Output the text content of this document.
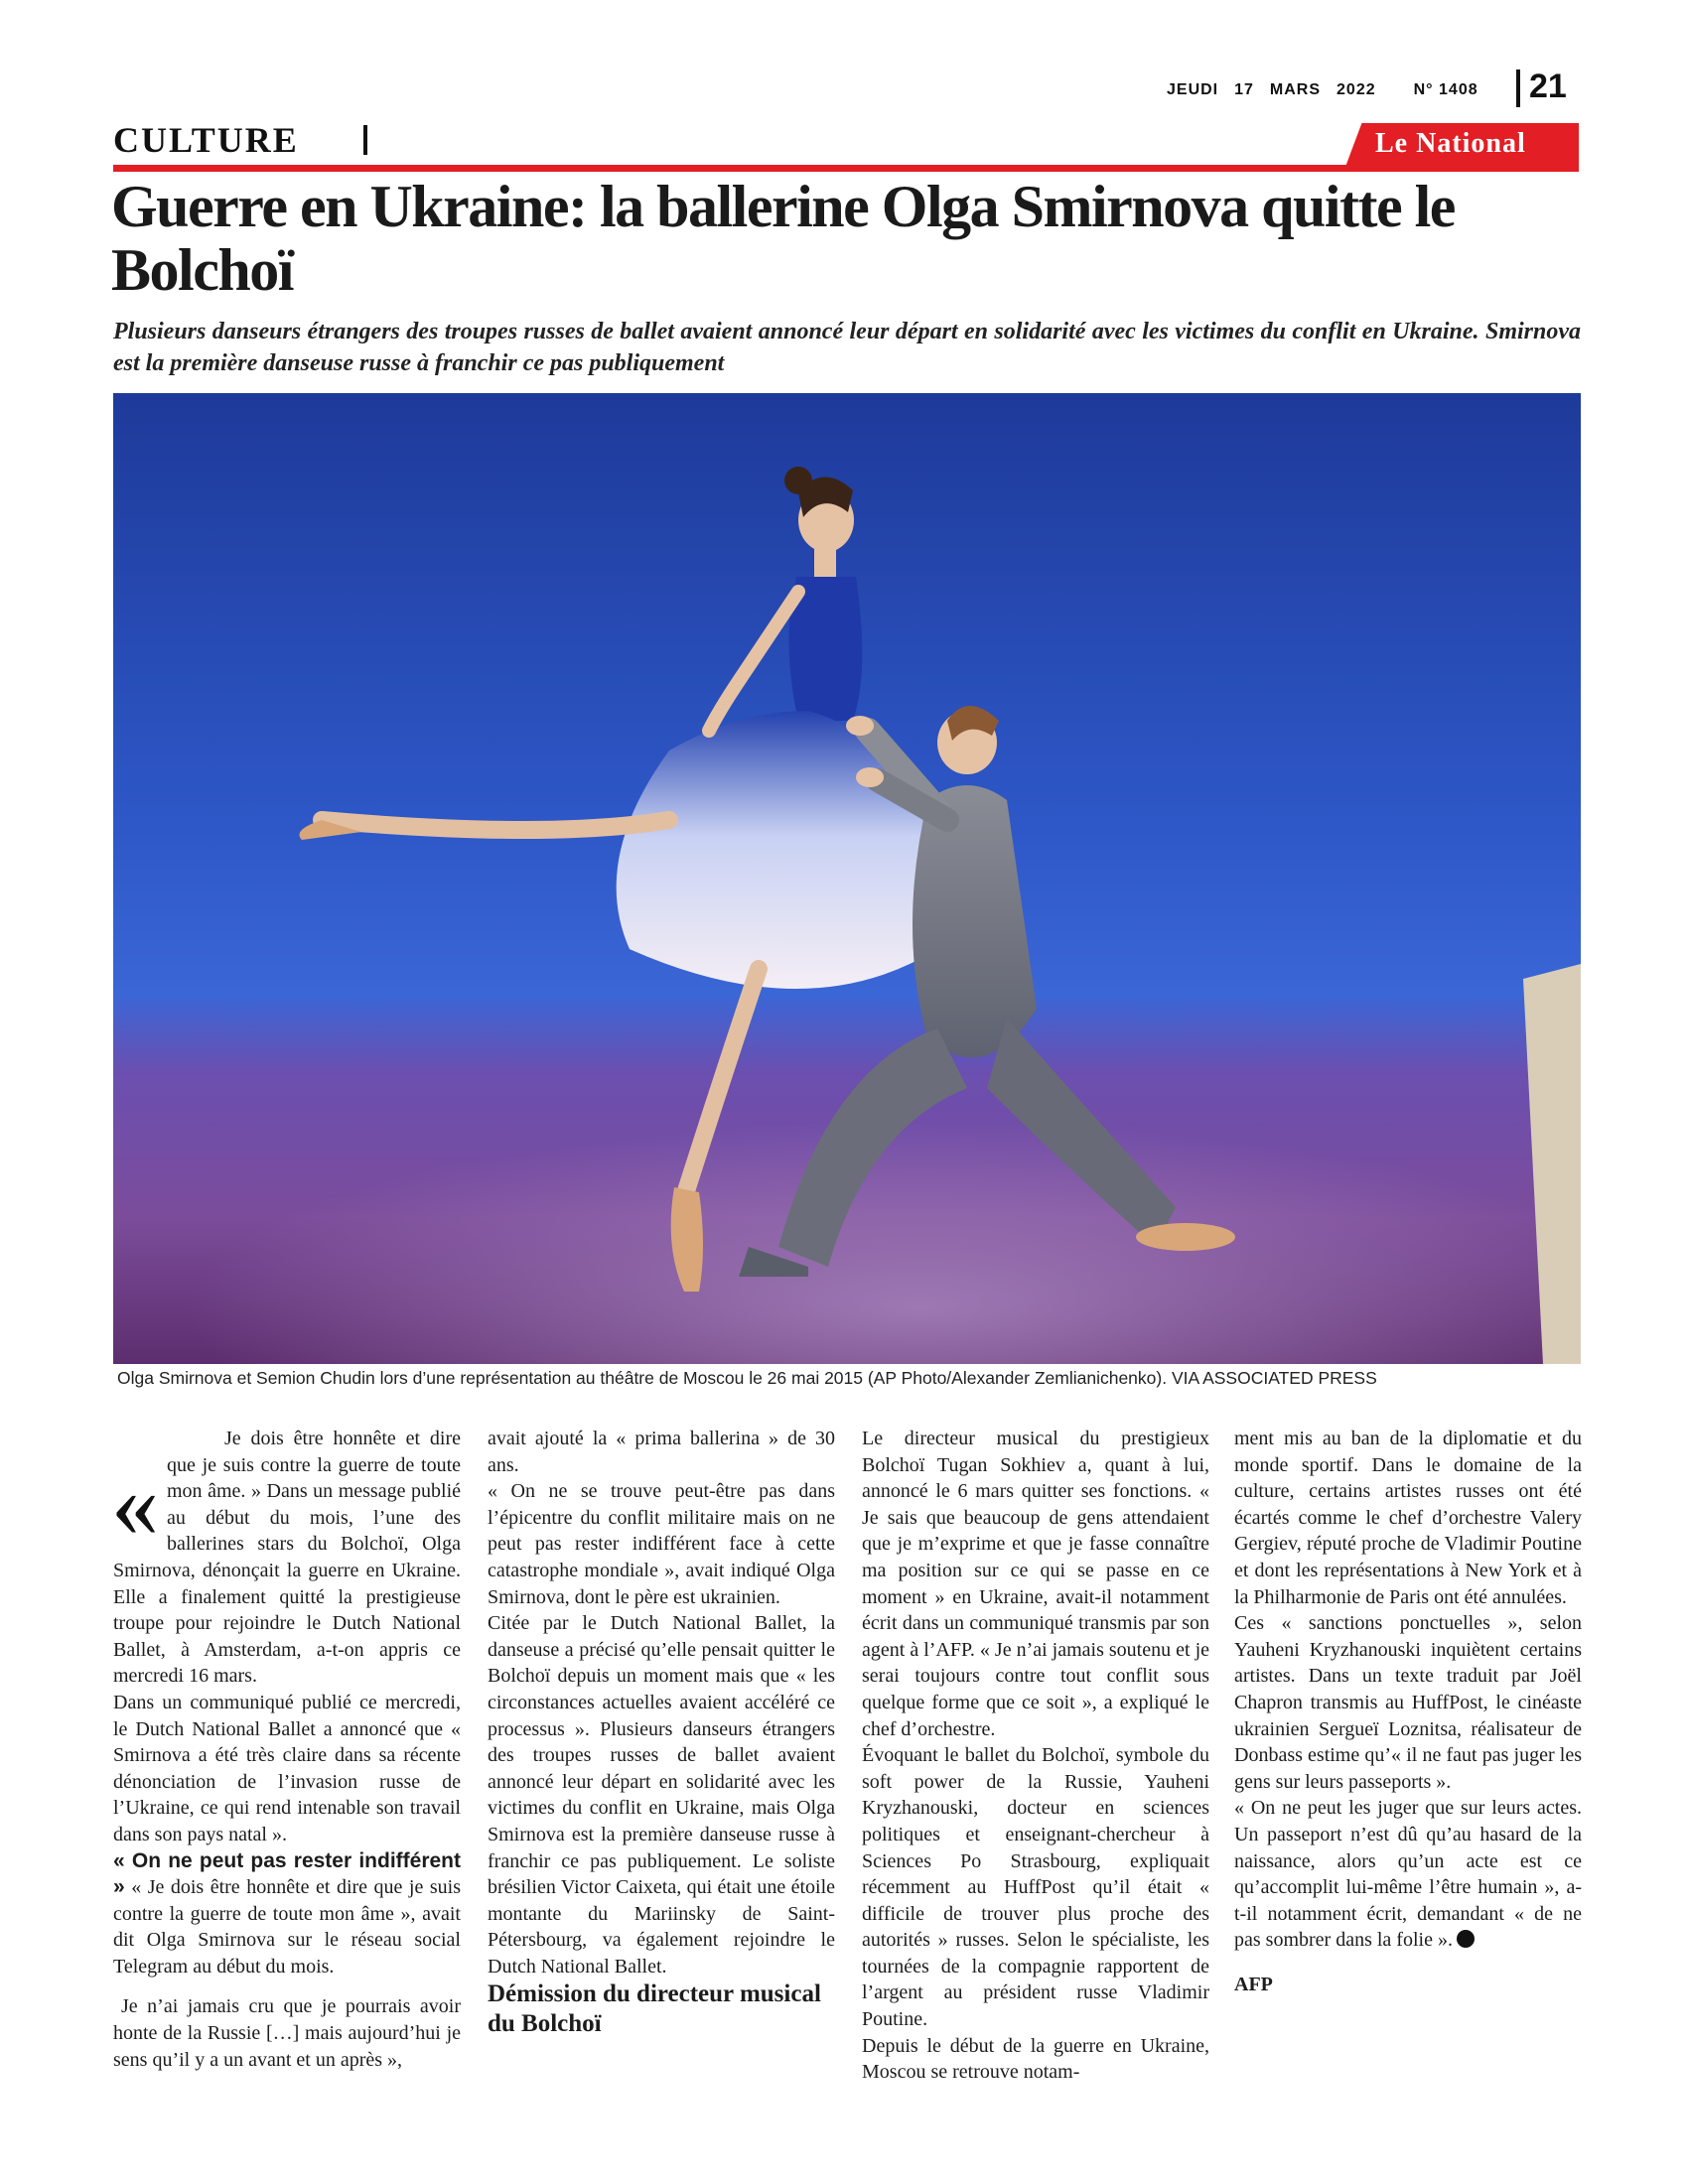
JEUDI 17 MARS 2022 N° 1408 21
CULTURE	Le National
Guerre en Ukraine: la ballerine Olga Smirnova quitte le Bolchoï

Plusieurs danseurs étrangers des troupes russes de ballet avaient annoncé leur départ en solidarité avec les victimes du conflit en Ukraine. Smirnova est la première danseuse russe à franchir ce pas publiquement

Olga Smirnova et Semion Chudin lors d’une représentation au théâtre de Moscou le 26 mai 2015 (AP Photo/Alexander Zemlianichenko). VIA ASSOCIATED PRESS
«

Je dois être honnête et dire que je suis contre la guerre de toute mon âme. » Dans un message publié au début du mois, l’une des ballerines stars du Bolchoï, Olga Smirnova, dénonçait la guerre en Ukraine. Elle a finalement quitté la prestigieuse troupe pour rejoindre le Dutch National Ballet, à Amsterdam, a-t-on appris ce mercredi 16 mars.

Dans un communiqué publié ce mercredi, le Dutch National Ballet a annoncé que « Smirnova a été très claire dans sa récente dénonciation de l’invasion russe de l’Ukraine, ce qui rend intenable son travail dans son pays natal ».

« On ne peut pas rester indifférent » « Je dois être honnête et dire que je suis contre la guerre de toute mon âme », avait dit Olga Smirnova sur le réseau social Telegram au début du mois.

Je n’ai jamais cru que je pourrais avoir honte de la Russie […] mais aujourd’hui je sens qu’il y a un avant et un après »,

avait ajouté la « prima ballerina » de 30 ans.

« On ne se trouve peut-être pas dans l’épicentre du conflit militaire mais on ne peut pas rester indifférent face à cette catastrophe mondiale », avait indiqué Olga Smirnova, dont le père est ukrainien.

Citée par le Dutch National Ballet, la danseuse a précisé qu’elle pensait quitter le Bolchoï depuis un moment mais que « les circonstances actuelles avaient accéléré ce processus ». Plusieurs danseurs étrangers des troupes russes de ballet avaient annoncé leur départ en solidarité avec les victimes du conflit en Ukraine, mais Olga Smirnova est la première danseuse russe à franchir ce pas publiquement. Le soliste brésilien Victor Caixeta, qui était une étoile montante du Mariinsky de Saint-Pétersbourg, va également rejoindre le Dutch National Ballet.

Démission du directeur musical du Bolchoï

Le directeur musical du prestigieux Bolchoï Tugan Sokhiev a, quant à lui, annoncé le 6 mars quitter ses fonctions. « Je sais que beaucoup de gens attendaient que je m’exprime et que je fasse connaître ma position sur ce qui se passe en ce moment » en Ukraine, avait-il notamment écrit dans un communiqué transmis par son agent à l’AFP. « Je n’ai jamais soutenu et je serai toujours contre tout conflit sous quelque forme que ce soit », a expliqué le chef d’orchestre.

Évoquant le ballet du Bolchoï, symbole du soft power de la Russie, Yauheni Kryzhanouski, docteur en sciences politiques et enseignant-chercheur à Sciences Po Strasbourg, expliquait récemment au HuffPost qu’il était « difficile de trouver plus proche des autorités » russes. Selon le spécialiste, les tournées de la compagnie rapportent de l’argent au président russe Vladimir Poutine.

Depuis le début de la guerre en Ukraine, Moscou se retrouve notam-

ment mis au ban de la diplomatie et du monde sportif. Dans le domaine de la culture, certains artistes russes ont été écartés comme le chef d’orchestre Valery Gergiev, réputé proche de Vladimir Poutine et dont les représentations à New York et à la Philharmonie de Paris ont été annulées.

Ces « sanctions ponctuelles », selon Yauheni Kryzhanouski inquiètent certains artistes. Dans un texte traduit par Joël Chapron transmis au HuffPost, le cinéaste ukrainien Sergueï Loznitsa, réalisateur de Donbass estime qu’« il ne faut pas juger les gens sur leurs passeports ».

« On ne peut les juger que sur leurs actes. Un passeport n’est dû qu’au hasard de la naissance, alors qu’un acte est ce qu’accomplit lui-même l’être humain », a-t-il notamment écrit, demandant « de ne pas sombrer dans la folie ».

AFP
